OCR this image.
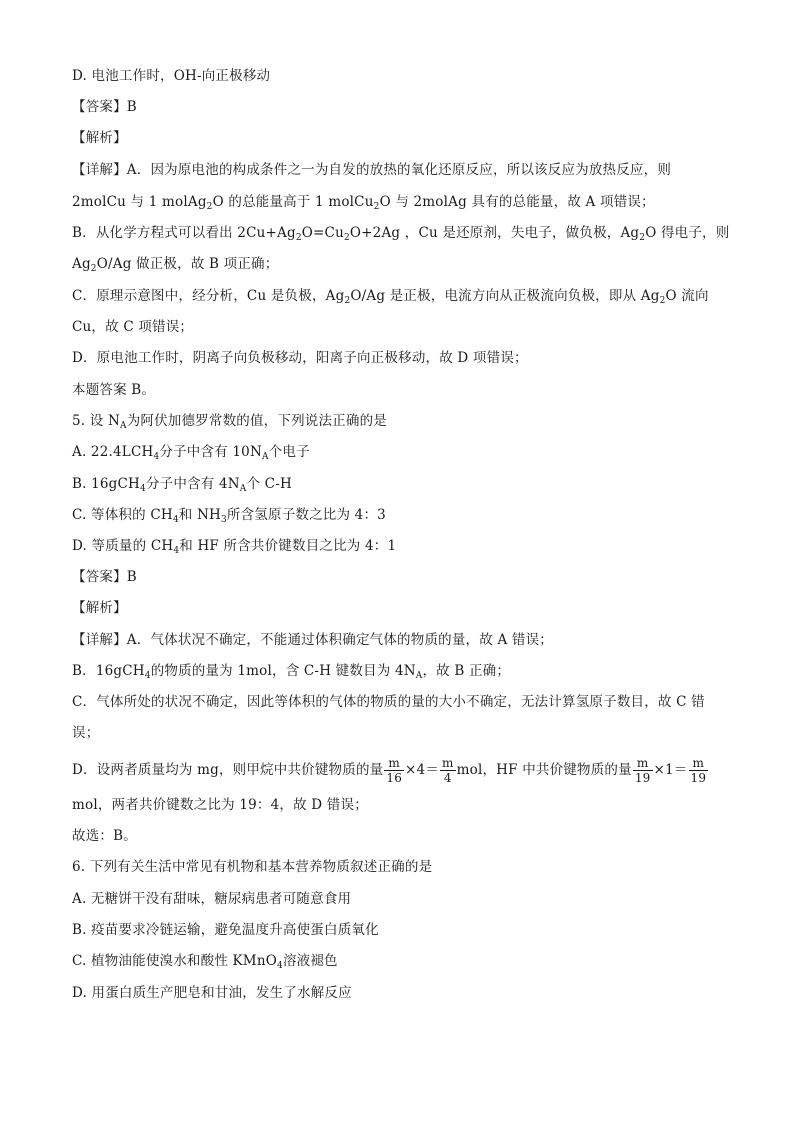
D. 电池工作时，OH-向正极移动
【答案】B
【解析】
【详解】A．因为原电池的构成条件之一为自发的放热的氧化还原反应，所以该反应为放热反应，则
2molCu 与 1 molAg$_2$O 的总能量高于 1 molCu$_2$O 与 2molAg 具有的总能量，故 A 项错误；
B．从化学方程式可以看出 $2Cu+Ag_2O=Cu_2O+2Ag$ ，Cu 是还原剂，失电子，做负极，$Ag_2O$ 得电子，则
$Ag_2O/Ag$ 做正极，故 B 项正确；
C．原理示意图中，经分析，Cu 是负极，$Ag_2O/Ag$ 是正极，电流方向从正极流向负极，即从 $Ag_2O$ 流向
Cu，故 C 项错误；
D．原电池工作时，阴离子向负极移动，阳离子向正极移动，故 D 项错误；
本题答案 B。
5. 设 $N_A$为阿伏加德罗常数的值，下列说法正确的是
A. $22.4LCH_4$分子中含有 $10N_A$个电子
B. 16gCH$_4$分子中含有 $4N_A$个 C-H
C. 等体积的 $CH_4$和 $NH_3$所含氢原子数之比为 4：3
D. 等质量的 $CH_4$和 HF 所含共价键数目之比为 4：1
【答案】B
【解析】
【详解】A．气体状况不确定，不能通过体积确定气体的物质的量，故 A 错误；
B．16gCH$_4$的物质的量为 1mol，含 C-H 键数目为 $4N_A$，故 B 正确；
C．气体所处的状况不确定，因此等体积的气体的物质的量的大小不确定，无法计算氢原子数目，故 C 错
误；
D．设两者质量均为 mg，则甲烷中共价键物质的量 $\frac{m}{16} \times 4= \frac{m}{4}$ mol，HF 中共价键物质的量 $\frac{m}{19} \times 1= \frac{m}{19}$
mol，两者共价键数之比为 19：4，故 D 错误；
故选：B。
6. 下列有关生活中常见有机物和基本营养物质叙述正确的是
A. 无糖饼干没有甜味，糖尿病患者可随意食用
B. 疫苗要求冷链运输，避免温度升高使蛋白质氧化
C. 植物油能使溴水和酸性 KMnO$_4$溶液褪色
D. 用蛋白质生产肥皂和甘油，发生了水解反应
